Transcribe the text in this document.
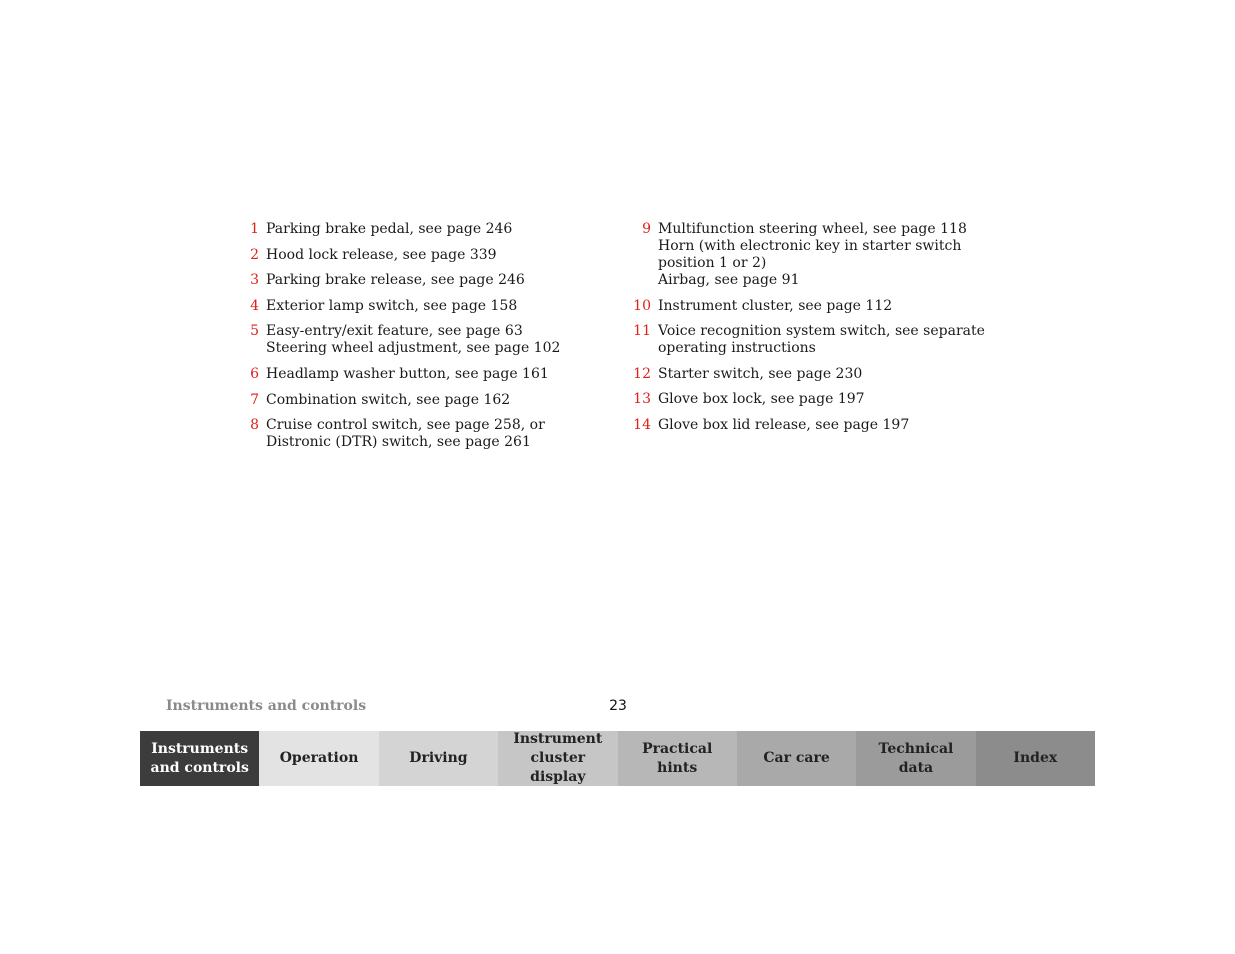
1 Parking brake pedal, see page 246
2 Hood lock release, see page 339
3 Parking brake release, see page 246
4 Exterior lamp switch, see page 158
5 Easy-entry/exit feature, see page 63
Steering wheel adjustment, see page 102
6 Headlamp washer button, see page 161
7 Combination switch, see page 162
8 Cruise control switch, see page 258, or
Distronic (DTR) switch, see page 261
9 Multifunction steering wheel, see page 118
Horn (with electronic key in starter switch
position 1 or 2)
Airbag, see page 91
10 Instrument cluster, see page 112
11 Voice recognition system switch, see separate
operating instructions
12 Starter switch, see page 230
13 Glove box lock, see page 197
14 Glove box lid release, see page 197
Instruments and controls	23
Instruments
and controls
Operation	Driving
Instrument
cluster display
Practical hints
Car care
Technical
data
Index
